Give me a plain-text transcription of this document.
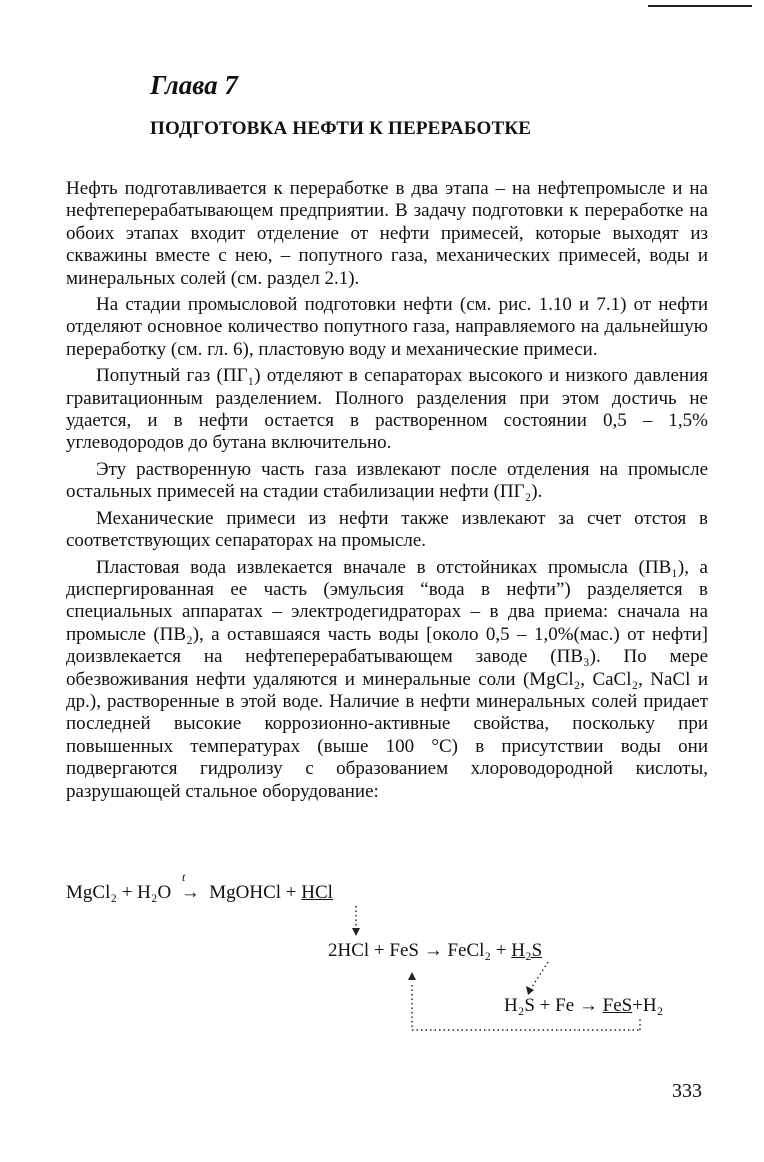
Глава 7
ПОДГОТОВКА НЕФТИ К ПЕРЕРАБОТКЕ

Нефть подготавливается к переработке в два этапа – на нефтепромысле и на нефтеперерабатывающем предприятии. В задачу подготовки к переработке на обоих этапах входит отделение от нефти примесей, которые выходят из скважины вместе с нею, – попутного газа, механических примесей, воды и минеральных солей (см. раздел 2.1).

На стадии промысловой подготовки нефти (см. рис. 1.10 и 7.1) от нефти отделяют основное количество попутного газа, направляемого на дальнейшую переработку (см. гл. 6), пластовую воду и механические примеси.

Попутный газ (ПГ₁) отделяют в сепараторах высокого и низкого давления гравитационным разделением. Полного разделения при этом достичь не удается, и в нефти остается в растворенном состоянии 0,5 – 1,5% углеводородов до бутана включительно.

Эту растворенную часть газа извлекают после отделения на промысле остальных примесей на стадии стабилизации нефти (ПГ₂).

Механические примеси из нефти также извлекают за счет отстоя в соответствующих сепараторах на промысле.

Пластовая вода извлекается вначале в отстойниках промысла (ПВ₁), а диспергированная ее часть (эмульсия “вода в нефти”) разделяется в специальных аппаратах – электродегидраторах – в два приема: сначала на промысле (ПВ₂), а оставшаяся часть воды [около 0,5 – 1,0%(мас.) от нефти] доизвлекается на нефтеперерабатывающем заводе (ПВ₃). По мере обезвоживания нефти удаляются и минеральные соли (MgCl₂, CaCl₂, NaCl и др.), растворенные в этой воде. Наличие в нефти минеральных солей придает последней высокие коррозионно-активные свойства, поскольку при повышенных температурах (выше 100 °С) в присутствии воды они подвергаются гидролизу с образованием хлороводородной кислоты, разрушающей стальное оборудование:

MgCl₂ + H₂O
t
→  MgOHCl + HCl
2HCl + FeS → FeCl₂ + H₂S
H₂S + Fe → FeS+H₂
333
